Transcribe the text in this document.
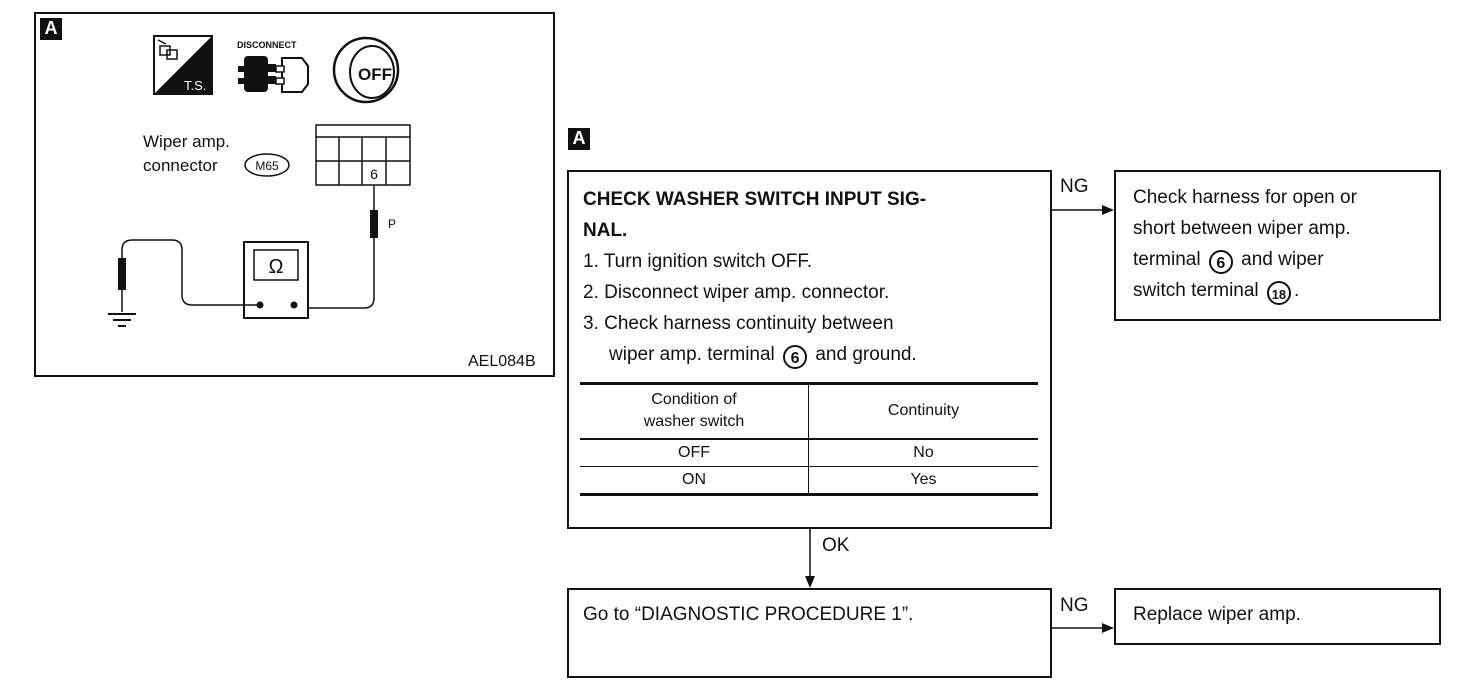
A
T.S.
DISCONNECT
OFF
Wiper amp.
connector	M65	6
P
Ω
AEL084B
A
CHECK WASHER SWITCH INPUT SIG-
NAL.
1. Turn ignition switch OFF.
2. Disconnect wiper amp. connector.
3. Check harness continuity between
wiper amp. terminal 6 and ground.
Condition of
washer switch	Continuity
OFF	No
ON	Yes
NG
Check harness for open or
short between wiper amp.
terminal 6 and wiper
switch terminal 18 .
OK
Go to “DIAGNOSTIC PROCEDURE 1”.	NG Replace wiper amp.
